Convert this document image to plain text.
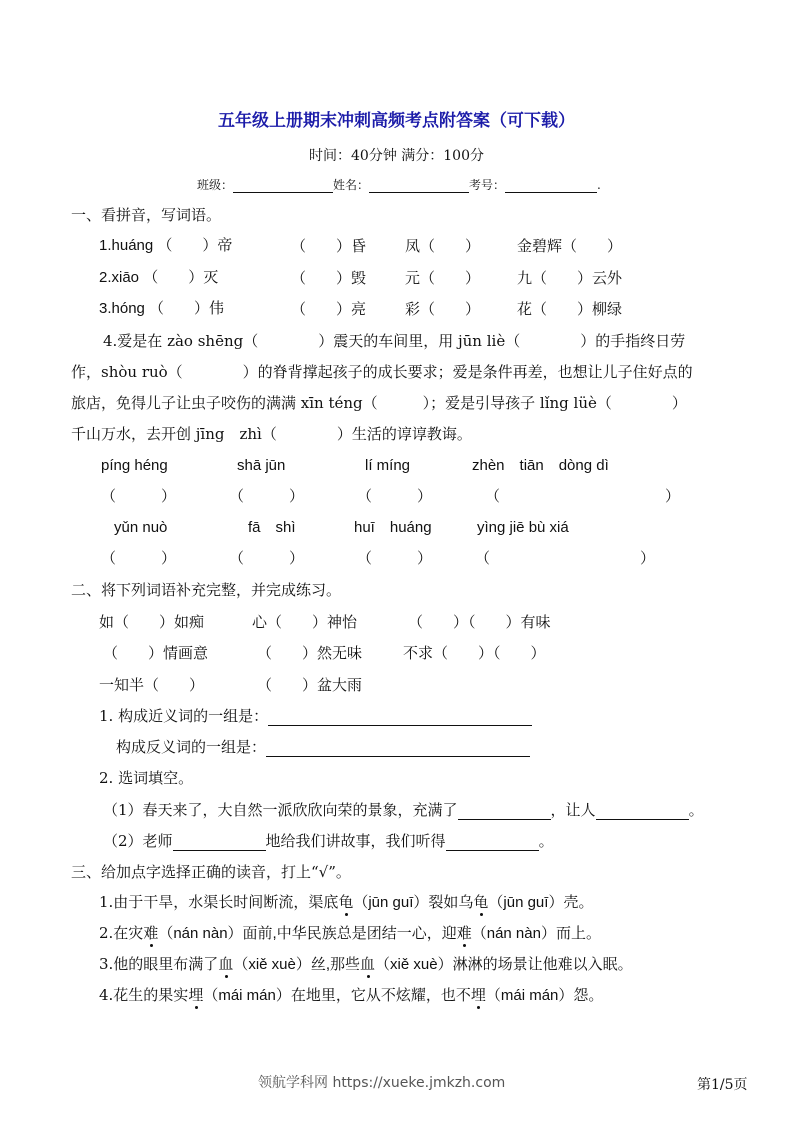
五年级上册期末冲刺高频考点附答案（可下载）
时间：40分钟 满分：100分
班级：	姓名：	考号：	.
一、看拼音，写词语。
1.huáng （　　）帝	（　　）昏	凤（　　） 金碧辉（　　）
2.xiāo （　　）灭	（　　）毁	元（　　） 九（　　）云外
3.hóng （　　）伟	（　　）亮	彩（　　） 花（　　）柳绿
4.爱是在 zào shēng（　　　　）震天的车间里，用 jūn liè（　　　　）的手指终日劳
作，shòu ruò（　　　　）的脊背撑起孩子的成长要求；爱是条件再差，也想让儿子住好点的
旅店，免得儿子让虫子咬伤的满满 xīn téng（　　　）；爱是引导孩子 lǐng lüè（　　　　）
千山万水，去开创 jīng　zhì（　　　　）生活的谆谆教诲。
píng héng	shā jūn	lí míng	zhèn　tiān　dòng dì
（　　　）	（　　　）	（　　　）	（　　　　　　　　　　　）
yǔn nuò	fā　shì	huī　huáng	yìng jiē bù xiá
（　　　）	（　　　）	（　　　）	（　　　　　　　　　　）
二、将下列词语补充完整，并完成练习。
如（　　）如痴	心（　　）神怡	（　　）（　　）有味
（　　）情画意	（　　）然无味	不求（　　）（　　）
一知半（　　）	（　　）盆大雨
1. 构成近义词的一组是：
构成反义词的一组是：
2. 选词填空。
（1）春天来了，大自然一派欣欣向荣的景象，充满了	，让人	。
（2）老师	地给我们讲故事，我们听得	。
三、给加点字选择正确的读音，打上“√”。
1.由于干旱，水渠长时间断流，渠底龟（jūn guī）裂如乌龟（jūn guī）壳。
2.在灾难（nán nàn）面前,中华民族总是团结一心，迎难（nán nàn）而上。
3.他的眼里布满了血（xiě xuè）丝,那些血（xiě xuè）淋淋的场景让他难以入眠。
4.花生的果实埋（mái mán）在地里，它从不炫耀，也不埋（mái mán）怨。
领航学科网 https://xueke.jmkzh.com	第1/5页
